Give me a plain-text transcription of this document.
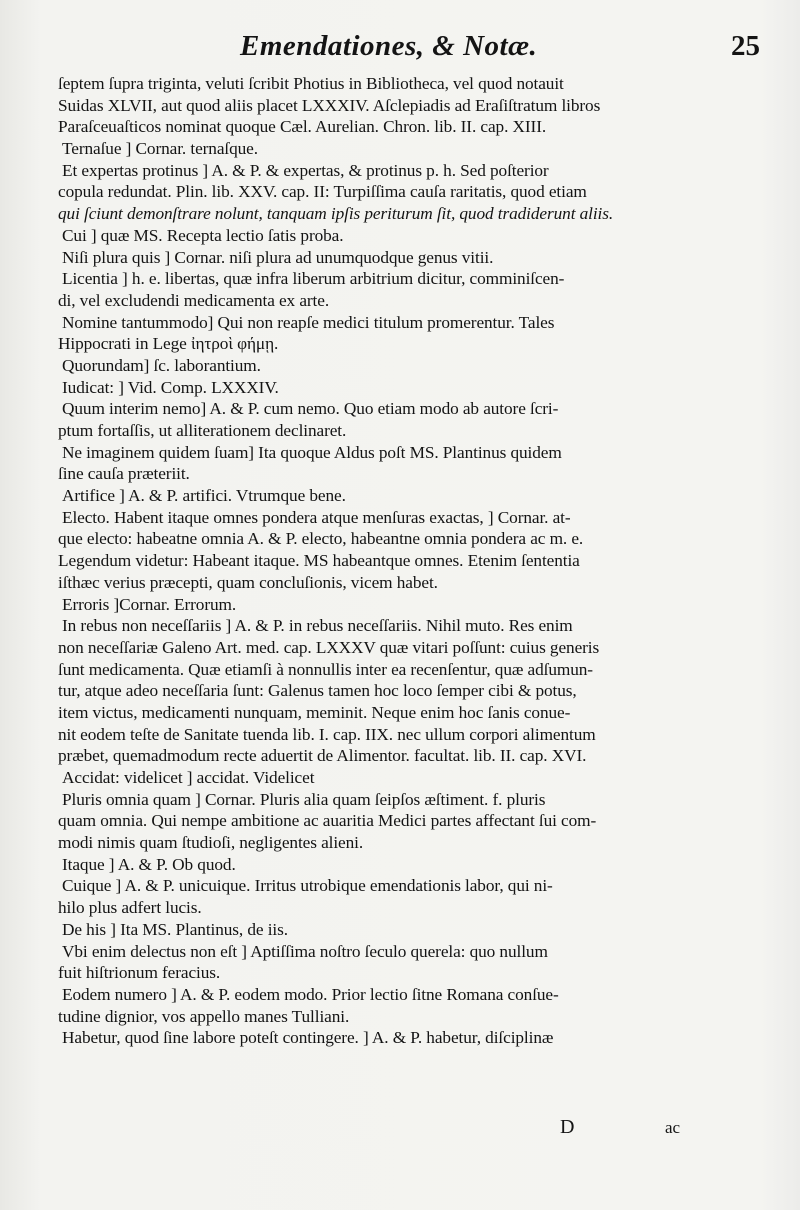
Emendationes, & Notæ.	25
ſeptem ſupra triginta, veluti ſcribit Photius in Bibliotheca, vel quod notauit
Suidas XLVII, aut quod aliis placet LXXXIV. Aſclepiadis ad Eraſiſtratum libros
Paraſceuaſticos nominat quoque Cæl. Aurelian. Chron. lib. II. cap. XIII.
Ternaſue ] Cornar. ternaſque.
Et expertas protinus ] A. & P. & expertas, & protinus p. h. Sed poſterior
copula redundat. Plin. lib. XXV. cap. II: Turpiſſima cauſa raritatis, quod etiam
qui ſciunt demonſtrare nolunt, tanquam ipſis periturum ſit, quod tradiderunt aliis.
Cui ] quæ MS. Recepta lectio ſatis proba.
Niſi plura quis ] Cornar. niſi plura ad unumquodque genus vitii.
Licentia ] h. e. libertas, quæ infra liberum arbitrium dicitur, comminiſcen-
di, vel excludendi medicamenta ex arte.
Nomine tantummodo] Qui non reapſe medici titulum promerentur. Tales
Hippocrati in Lege ἰητροὶ φήμῃ.
Quorundam] ſc. laborantium.
Iudicat: ] Vid. Comp. LXXXIV.
Quum interim nemo] A. & P. cum nemo. Quo etiam modo ab autore ſcri-
ptum fortaſſis, ut alliterationem declinaret.
Ne imaginem quidem ſuam] Ita quoque Aldus poſt MS. Plantinus quidem
ſine cauſa præteriit.
Artifice ] A. & P. artifici. Vtrumque bene.
Electo. Habent itaque omnes pondera atque menſuras exactas, ] Cornar. at-
que electo: habeatne omnia A. & P. electo, habeantne omnia pondera ac m. e.
Legendum videtur: Habeant itaque. MS habeantque omnes. Etenim ſententia
iſthæc verius præcepti, quam concluſionis, vicem habet.
Erroris ]Cornar. Errorum.
In rebus non neceſſariis ] A. & P. in rebus neceſſariis. Nihil muto. Res enim
non neceſſariæ Galeno Art. med. cap. LXXXV quæ vitari poſſunt: cuius generis
ſunt medicamenta. Quæ etiamſi à nonnullis inter ea recenſentur, quæ adſumun-
tur, atque adeo neceſſaria ſunt: Galenus tamen hoc loco ſemper cibi & potus,
item victus, medicamenti nunquam, meminit. Neque enim hoc ſanis conue-
nit eodem teſte de Sanitate tuenda lib. I. cap. IIX. nec ullum corpori alimentum
præbet, quemadmodum recte aduertit de Alimentor. facultat. lib. II. cap. XVI.
Accidat: videlicet ] accidat. Videlicet
Pluris omnia quam ] Cornar. Pluris alia quam ſeipſos æſtiment. f. pluris
quam omnia. Qui nempe ambitione ac auaritia Medici partes affectant ſui com-
modi nimis quam ſtudioſi, negligentes alieni.
Itaque ] A. & P. Ob quod.
Cuique ] A. & P. unicuique. Irritus utrobique emendationis labor, qui ni-
hilo plus adfert lucis.
De his ] Ita MS. Plantinus, de iis.
Vbi enim delectus non eſt ] Aptiſſima noſtro ſeculo querela: quo nullum
fuit hiſtrionum feracius.
Eodem numero ] A. & P. eodem modo. Prior lectio ſitne Romana conſue-
tudine dignior, vos appello manes Tulliani.
Habetur, quod ſine labore poteſt contingere. ] A. & P. habetur, diſciplinæ
D	ac
